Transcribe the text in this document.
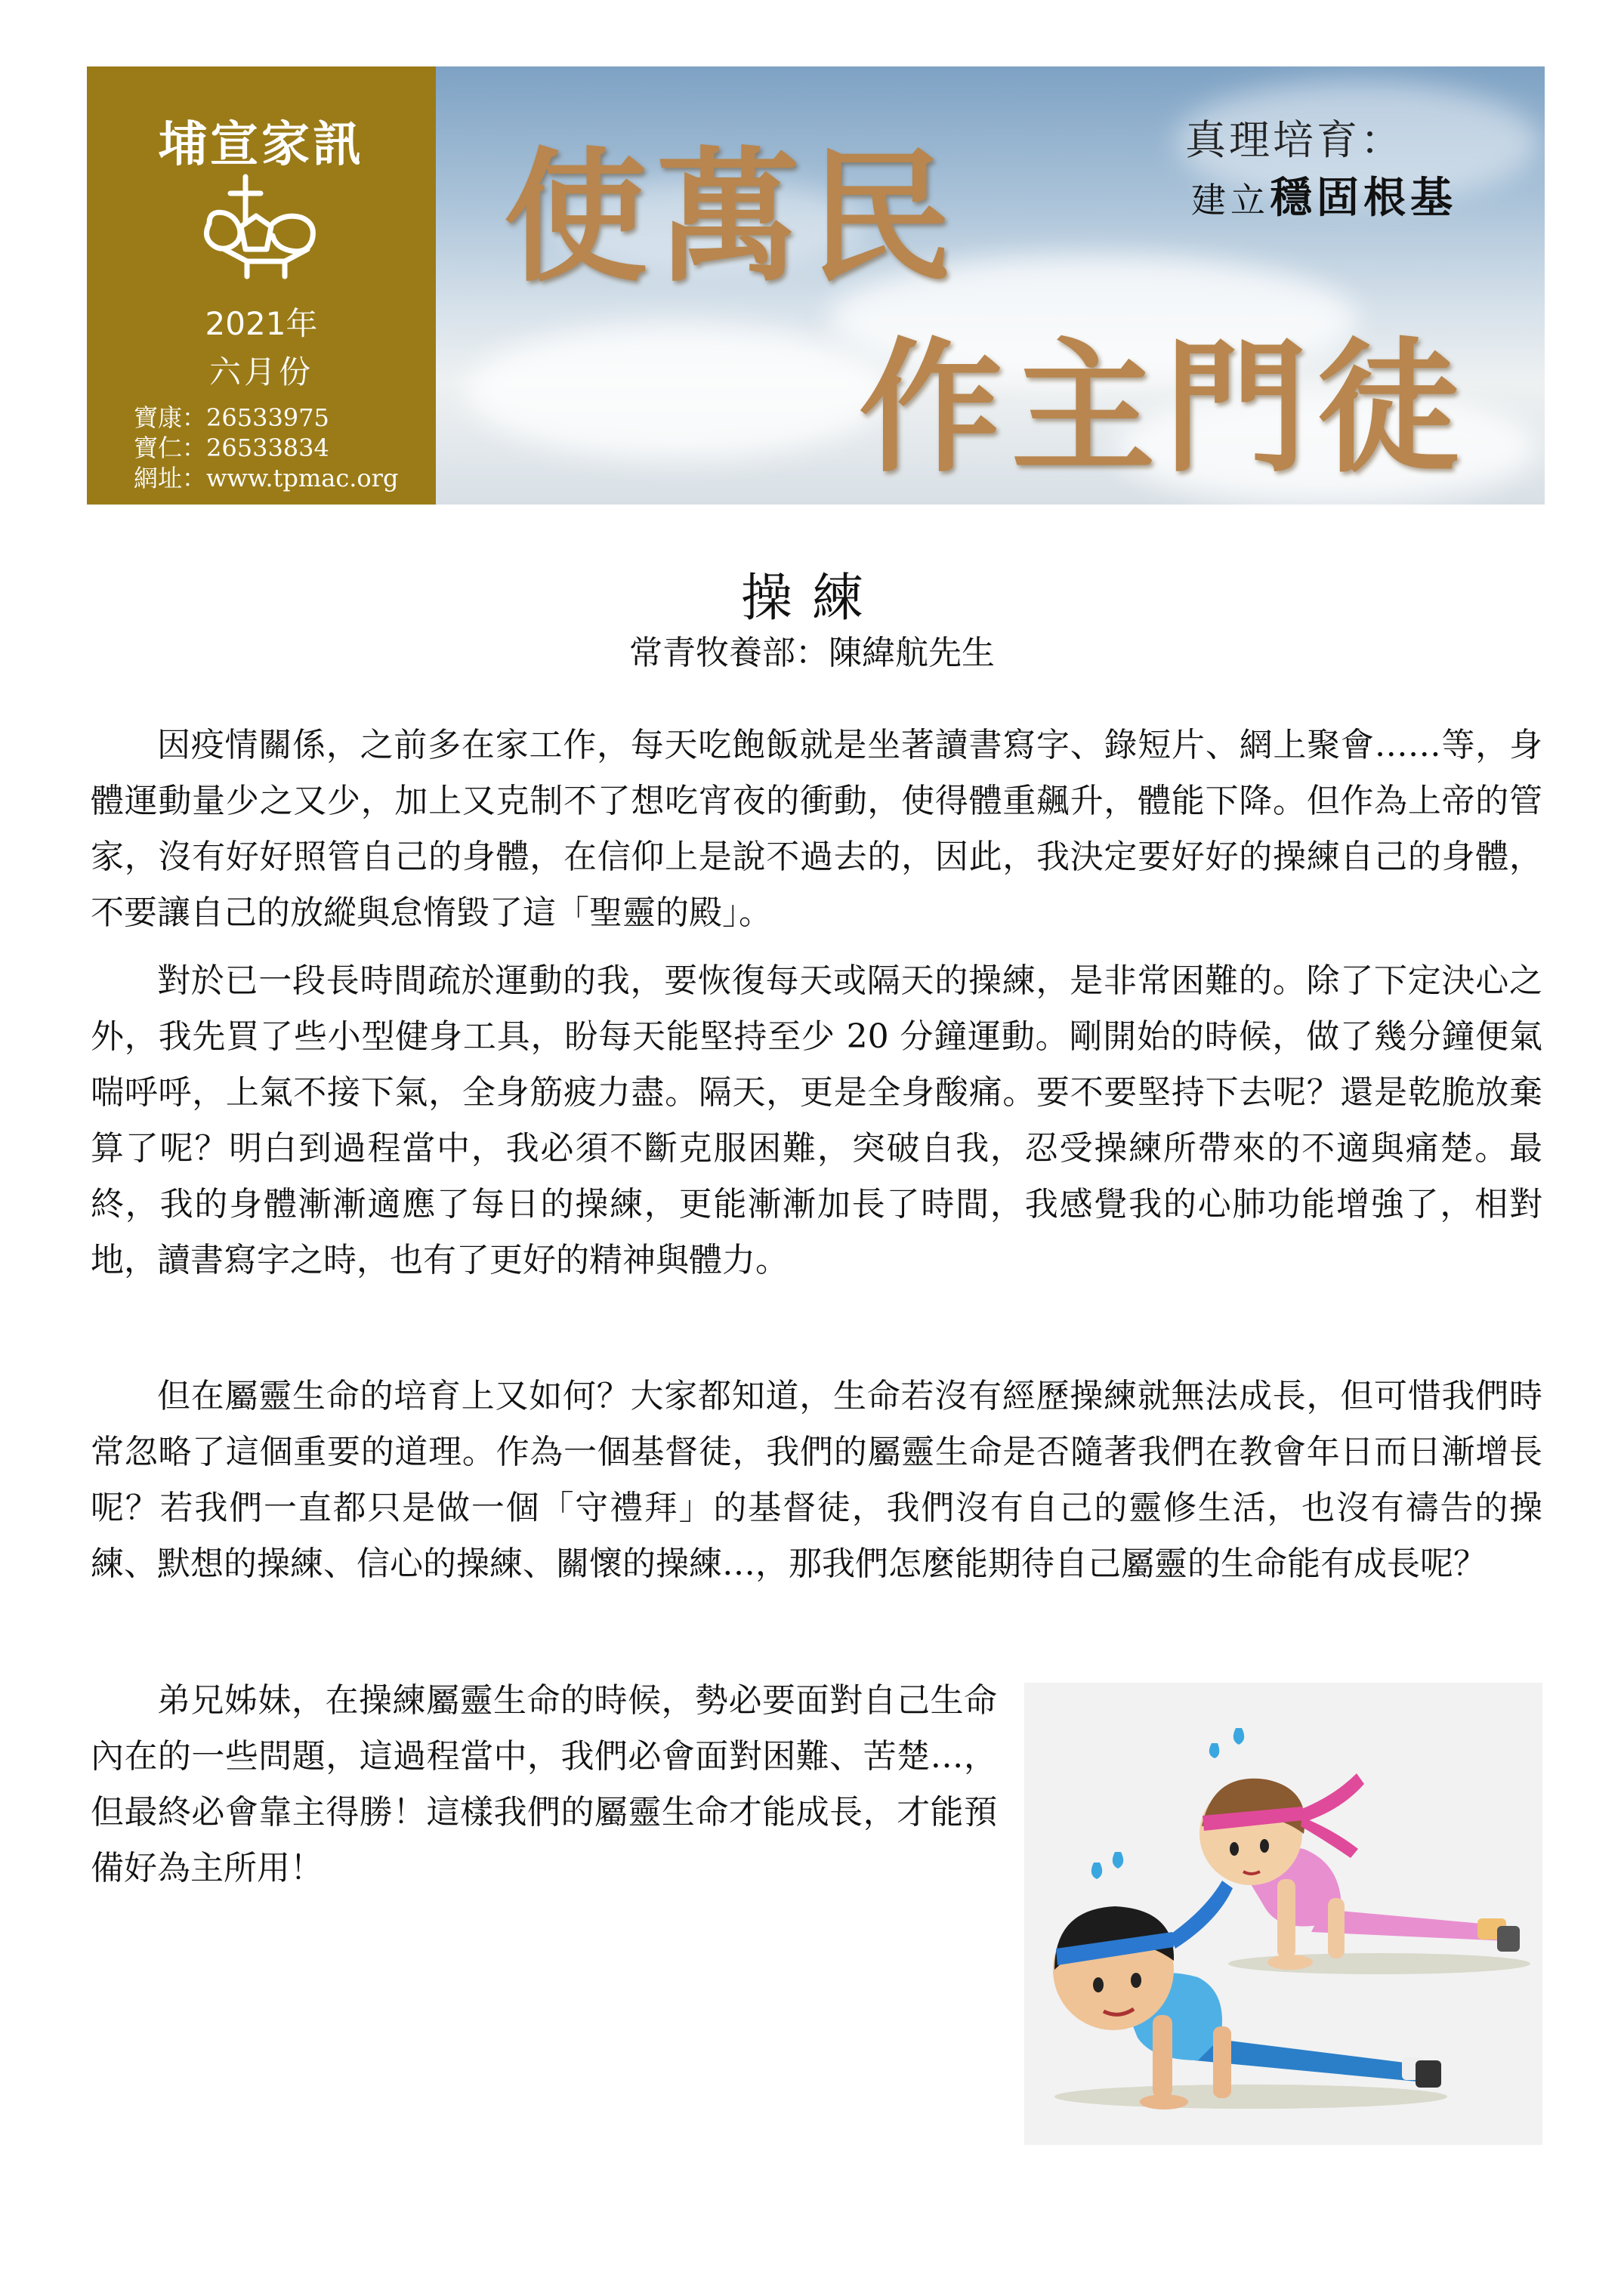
埔宣家訊
2021年
六月份
寶康：26533975
寶仁：26533834
網址：www.tpmac.org
使萬民
作主門徒
真理培育：
建立穩固根基
操練
常青牧養部：陳緯航先生

因疫情關係，之前多在家工作，每天吃飽飯就是坐著讀書寫字、錄短片、網上聚會……等，身體運動量少之又少，加上又克制不了想吃宵夜的衝動，使得體重飆升，體能下降。但作為上帝的管家，沒有好好照管自己的身體，在信仰上是說不過去的，因此，我決定要好好的操練自己的身體，不要讓自己的放縱與怠惰毀了這「聖靈的殿」。

對於已一段長時間疏於運動的我，要恢復每天或隔天的操練，是非常困難的。除了下定決心之外，我先買了些小型健身工具，盼每天能堅持至少 20 分鐘運動。剛開始的時候，做了幾分鐘便氣喘呼呼，上氣不接下氣，全身筋疲力盡。隔天，更是全身酸痛。要不要堅持下去呢？還是乾脆放棄算了呢？明白到過程當中，我必須不斷克服困難，突破自我，忍受操練所帶來的不適與痛楚。最終，我的身體漸漸適應了每日的操練，更能漸漸加長了時間，我感覺我的心肺功能增強了，相對地，讀書寫字之時，也有了更好的精神與體力。

但在屬靈生命的培育上又如何？大家都知道，生命若沒有經歷操練就無法成長，但可惜我們時常忽略了這個重要的道理。作為一個基督徒，我們的屬靈生命是否隨著我們在教會年日而日漸增長呢？若我們一直都只是做一個「守禮拜」的基督徒，我們沒有自己的靈修生活，也沒有禱告的操練、默想的操練、信心的操練、關懷的操練…，那我們怎麼能期待自己屬靈的生命能有成長呢？

弟兄姊妹，在操練屬靈生命的時候，勢必要面對自己生命內在的一些問題，這過程當中，我們必會面對困難、苦楚…，但最終必會靠主得勝！這樣我們的屬靈生命才能成長，才能預備好為主所用！
